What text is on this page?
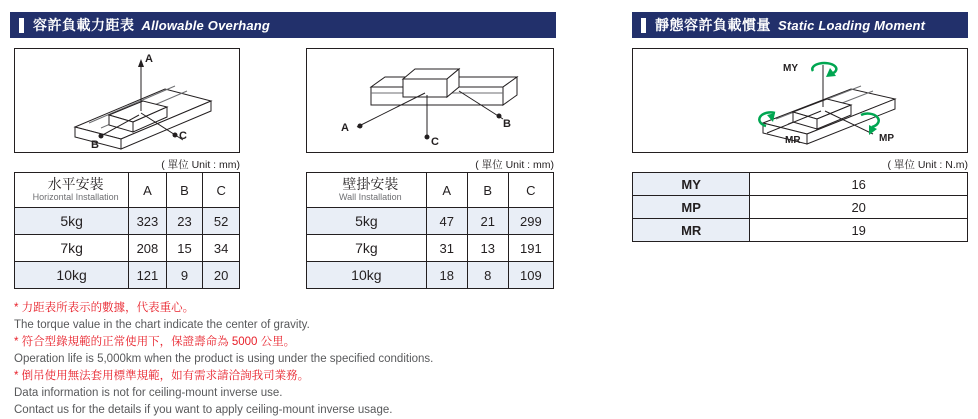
容許負載力距表 Allowable Overhang	靜態容許負載慣量 Static Loading Moment
A
C
B
( 單位 Unit : mm)
B
A
C
( 單位 Unit : mm)
MY
MP
MR
( 單位 Unit : N.m)
水平安裝
Horizontal Installation	A	B	C
5kg	323	23	52
7kg	208	15	34
10kg	121	9	20
壁掛安裝
Wall Installation	A	B	C
5kg	47	21	299
7kg	31	13	191
10kg	18	8	109
MY	16
MP	20
MR	19
* 力距表所表示的數據，代表重心。
The torque value in the chart indicate the center of gravity.
* 符合型錄規範的正常使用下，保證壽命為 5000 公里。
Operation life is 5,000km when the product is using under the specified conditions.
* 倒吊使用無法套用標準規範，如有需求請洽詢我司業務。
Data information is not for ceiling-mount inverse use.
Contact us for the details if you want to apply ceiling-mount inverse usage.
